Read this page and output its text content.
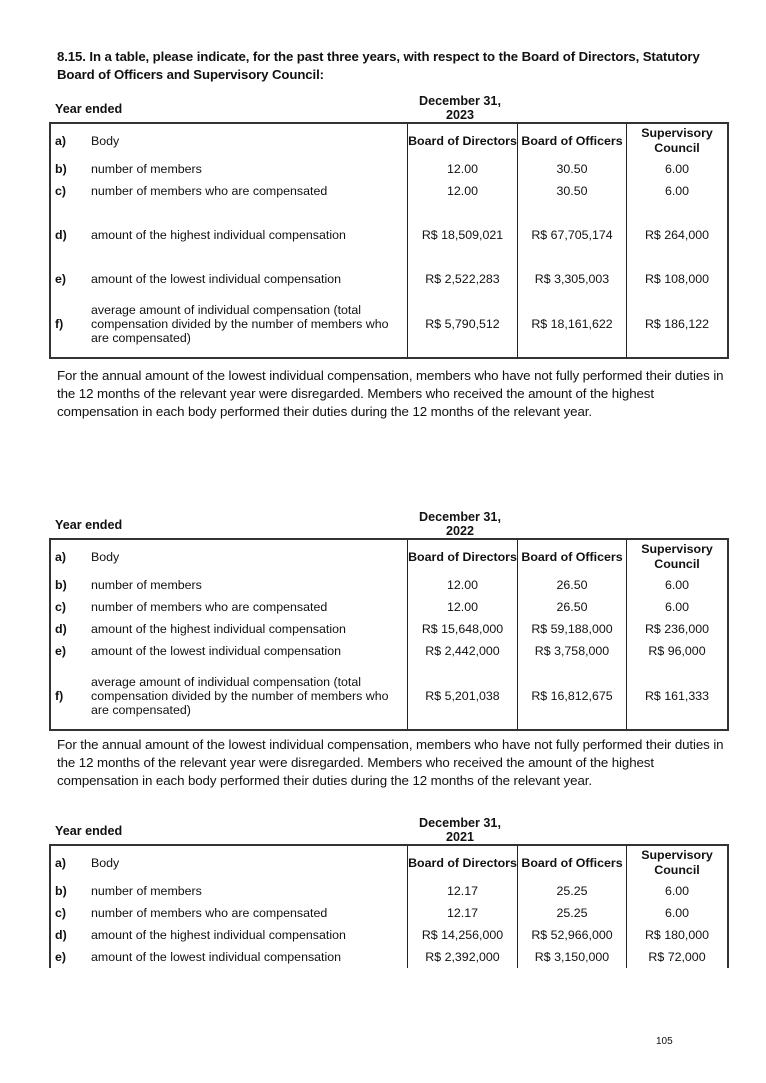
8.15. In a table, please indicate, for the past three years, with respect to the Board of Directors, Statutory Board of Officers and Supervisory Council:
Year ended
December 31, 2023
a)	Body	Board of Directors	Board of Officers	Supervisory Council
b)	number of members	12.00	30.50	6.00
c)	number of members who are compensated	12.00	30.50	6.00
d)	amount of the highest individual compensation	R$ 18,509,021	R$ 67,705,174	R$ 264,000
e)	amount of the lowest individual compensation	R$ 2,522,283	R$ 3,305,003	R$ 108,000
f)	average amount of individual compensation (total compensation divided by the number of members who are compensated)	R$ 5,790,512	R$ 18,161,622	R$ 186,122
For the annual amount of the lowest individual compensation, members who have not fully performed their duties in the 12 months of the relevant year were disregarded. Members who received the amount of the highest compensation in each body performed their duties during the 12 months of the relevant year.
Year ended
December 31, 2022
a)	Body	Board of Directors	Board of Officers	Supervisory Council
b)	number of members	12.00	26.50	6.00
c)	number of members who are compensated	12.00	26.50	6.00
d)	amount of the highest individual compensation	R$ 15,648,000	R$ 59,188,000	R$ 236,000
e)	amount of the lowest individual compensation	R$ 2,442,000	R$ 3,758,000	R$ 96,000
f)	average amount of individual compensation (total compensation divided by the number of members who are compensated)	R$ 5,201,038	R$ 16,812,675	R$ 161,333
For the annual amount of the lowest individual compensation, members who have not fully performed their duties in the 12 months of the relevant year were disregarded. Members who received the amount of the highest compensation in each body performed their duties during the 12 months of the relevant year.
Year ended
December 31, 2021
a)	Body	Board of Directors	Board of Officers	Supervisory Council
b)	number of members	12.17	25.25	6.00
c)	number of members who are compensated	12.17	25.25	6.00
d)	amount of the highest individual compensation	R$ 14,256,000	R$ 52,966,000	R$ 180,000
e)	amount of the lowest individual compensation	R$ 2,392,000	R$ 3,150,000	R$ 72,000
105
